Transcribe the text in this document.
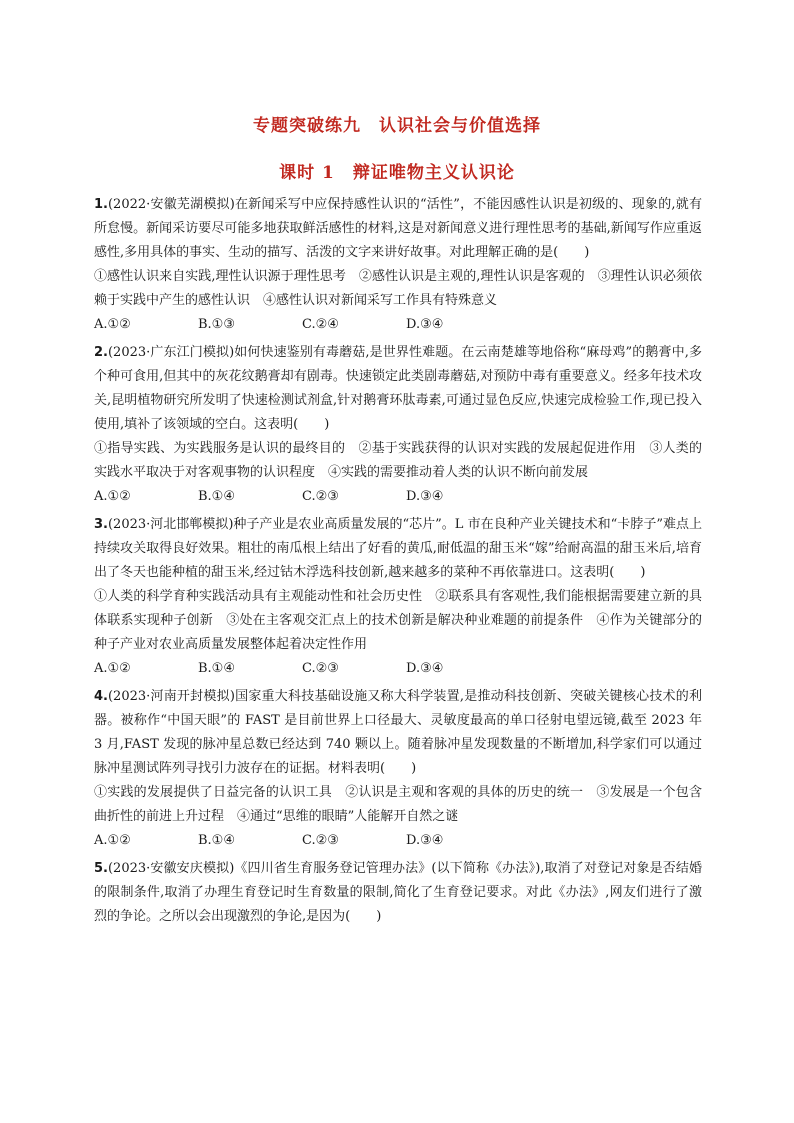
专题突破练九　认识社会与价值选择
课时 1　辩证唯物主义认识论

1.(2022·安徽芜湖模拟)在新闻采写中应保持感性认识的“活性”，不能因感性认识是初级的、现象的,就有所怠慢。新闻采访要尽可能多地获取鲜活感性的材料,这是对新闻意义进行理性思考的基础,新闻写作应重返感性,多用具体的事实、生动的描写、活泼的文字来讲好故事。对此理解正确的是(　　)

①感性认识来自实践,理性认识源于理性思考　②感性认识是主观的,理性认识是客观的　③理性认识必须依赖于实践中产生的感性认识　④感性认识对新闻采写工作具有特殊意义

A.①②	B.①③	C.②④	D.③④

2.(2023·广东江门模拟)如何快速鉴别有毒蘑菇,是世界性难题。在云南楚雄等地俗称“麻母鸡”的鹅膏中,多个种可食用,但其中的灰花纹鹅膏却有剧毒。快速锁定此类剧毒蘑菇,对预防中毒有重要意义。经多年技术攻关,昆明植物研究所发明了快速检测试剂盒,针对鹅膏环肽毒素,可通过显色反应,快速完成检验工作,现已投入使用,填补了该领域的空白。这表明(　　)

①指导实践、为实践服务是认识的最终目的　②基于实践获得的认识对实践的发展起促进作用　③人类的实践水平取决于对客观事物的认识程度　④实践的需要推动着人类的认识不断向前发展

A.①②	B.①④	C.②③	D.③④

3.(2023·河北邯郸模拟)种子产业是农业高质量发展的“芯片”。L 市在良种产业关键技术和“卡脖子”难点上持续攻关取得良好效果。粗壮的南瓜根上结出了好看的黄瓜,耐低温的甜玉米“嫁”给耐高温的甜玉米后,培育出了冬天也能种植的甜玉米,经过钴木浮选科技创新,越来越多的菜种不再依靠进口。这表明(　　)

①人类的科学育种实践活动具有主观能动性和社会历史性　②联系具有客观性,我们能根据需要建立新的具体联系实现种子创新　③处在主客观交汇点上的技术创新是解决种业难题的前提条件　④作为关键部分的种子产业对农业高质量发展整体起着决定性作用

A.①②	B.①④	C.②③	D.③④

4.(2023·河南开封模拟)国家重大科技基础设施又称大科学装置,是推动科技创新、突破关键核心技术的利器。被称作“中国天眼”的 FAST 是目前世界上口径最大、灵敏度最高的单口径射电望远镜,截至 2023 年 3 月,FAST 发现的脉冲星总数已经达到 740 颗以上。随着脉冲星发现数量的不断增加,科学家们可以通过脉冲星测试阵列寻找引力波存在的证据。材料表明(　　)

①实践的发展提供了日益完备的认识工具　②认识是主观和客观的具体的历史的统一　③发展是一个包含曲折性的前进上升过程　④通过“思维的眼睛”人能解开自然之谜

A.①②	B.①④	C.②③	D.③④

5.(2023·安徽安庆模拟)《四川省生育服务登记管理办法》(以下简称《办法》),取消了对登记对象是否结婚的限制条件,取消了办理生育登记时生育数量的限制,简化了生育登记要求。对此《办法》,网友们进行了激烈的争论。之所以会出现激烈的争论,是因为(　　)
